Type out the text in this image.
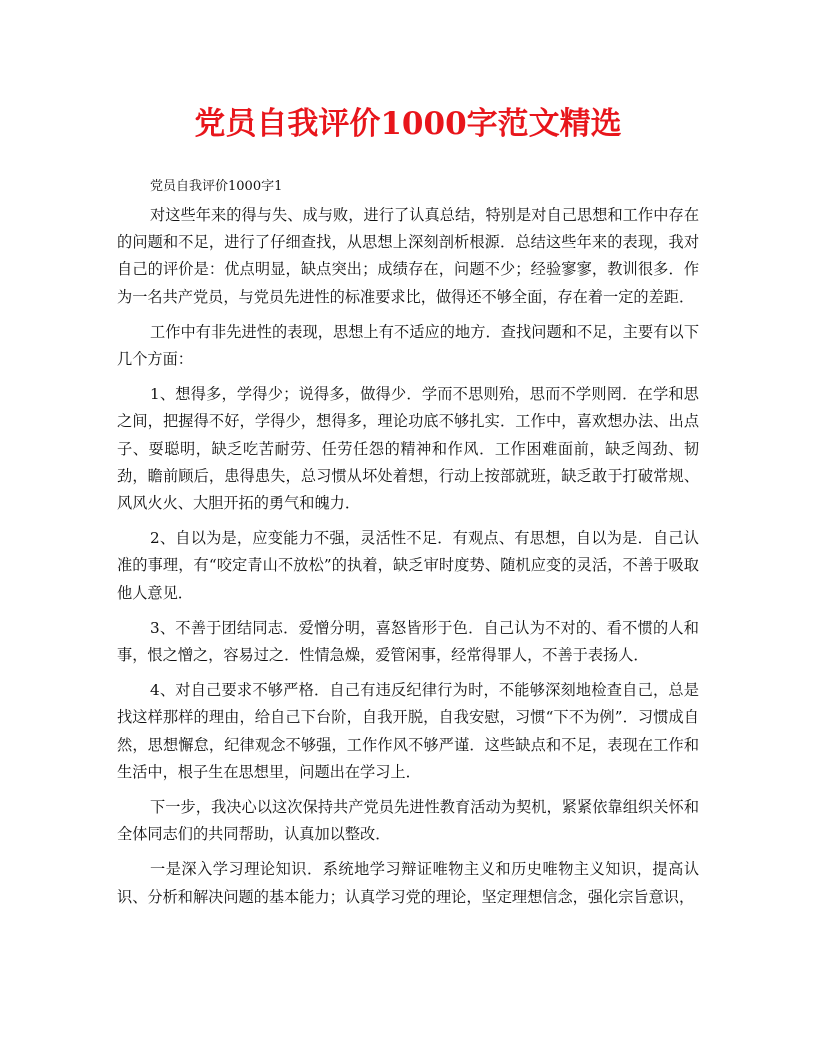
党员自我评价1000字范文精选

党员自我评价1000字1

对这些年来的得与失、成与败，进行了认真总结，特别是对自己思想和工作中存在的问题和不足，进行了仔细查找，从思想上深刻剖析根源．总结这些年来的表现，我对自己的评价是：优点明显，缺点突出；成绩存在，问题不少；经验寥寥，教训很多．作为一名共产党员，与党员先进性的标准要求比，做得还不够全面，存在着一定的差距．

工作中有非先进性的表现，思想上有不适应的地方．查找问题和不足，主要有以下几个方面：

1、想得多，学得少；说得多，做得少．学而不思则殆，思而不学则罔．在学和思之间，把握得不好，学得少，想得多，理论功底不够扎实．工作中，喜欢想办法、出点子、耍聪明，缺乏吃苦耐劳、任劳任怨的精神和作风．工作困难面前，缺乏闯劲、韧劲，瞻前顾后，患得患失，总习惯从坏处着想，行动上按部就班，缺乏敢于打破常规、风风火火、大胆开拓的勇气和魄力．

2、自以为是，应变能力不强，灵活性不足．有观点、有思想，自以为是．自己认准的事理，有“咬定青山不放松”的执着，缺乏审时度势、随机应变的灵活，不善于吸取他人意见．

3、不善于团结同志．爱憎分明，喜怒皆形于色．自己认为不对的、看不惯的人和事，恨之憎之，容易过之．性情急燥，爱管闲事，经常得罪人，不善于表扬人．

4、对自己要求不够严格．自己有违反纪律行为时，不能够深刻地检查自己，总是找这样那样的理由，给自己下台阶，自我开脱，自我安慰，习惯“下不为例”．习惯成自然，思想懈怠，纪律观念不够强，工作作风不够严谨．这些缺点和不足，表现在工作和生活中，根子生在思想里，问题出在学习上．

下一步，我决心以这次保持共产党员先进性教育活动为契机，紧紧依靠组织关怀和全体同志们的共同帮助，认真加以整改．

一是深入学习理论知识．系统地学习辩证唯物主义和历史唯物主义知识，提高认识、分析和解决问题的基本能力；认真学习党的理论，坚定理想信念，强化宗旨意识，
